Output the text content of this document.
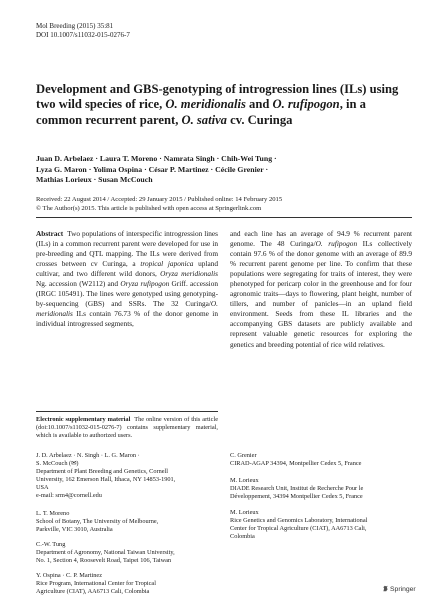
Mol Breeding (2015) 35:81
DOI 10.1007/s11032-015-0276-7
Development and GBS-genotyping of introgression lines (ILs) using two wild species of rice, O. meridionalis and O. rufipogon, in a common recurrent parent, O. sativa cv. Curinga
Juan D. Arbelaez · Laura T. Moreno · Namrata Singh · Chih-Wei Tung ·
Lyza G. Maron · Yolima Ospina · César P. Martinez · Cécile Grenier ·
Mathias Lorieux · Susan McCouch
Received: 22 August 2014 / Accepted: 29 January 2015 / Published online: 14 February 2015
© The Author(s) 2015. This article is published with open access at Springerlink.com

Abstract Two populations of interspecific introgression lines (ILs) in a common recurrent parent were developed for use in pre-breeding and QTL mapping. The ILs were derived from crosses between cv Curinga, a tropical japonica upland cultivar, and two different wild donors, Oryza meridionalis Ng. accession (W2112) and Oryza rufipogon Griff. accession (IRGC 105491). The lines were genotyped using genotyping-by-sequencing (GBS) and SSRs. The 32 Curinga/O. meridionalis ILs contain 76.73 % of the donor genome in individual introgressed segments,

and each line has an average of 94.9 % recurrent parent genome. The 48 Curinga/O. rufipogon ILs collectively contain 97.6 % of the donor genome with an average of 89.9 % recurrent parent genome per line. To confirm that these populations were segregating for traits of interest, they were phenotyped for pericarp color in the greenhouse and for four agronomic traits—days to flowering, plant height, number of tillers, and number of panicles—in an upland field environment. Seeds from these IL libraries and the accompanying GBS datasets are publicly available and represent valuable genetic resources for exploring the genetics and breeding potential of rice wild relatives.

Electronic supplementary material The online version of this article (doi:10.1007/s11032-015-0276-7) contains supplementary material, which is available to authorized users.

J. D. Arbelaez · N. Singh · L. G. Maron ·

S. McCouch (✉)

Department of Plant Breeding and Genetics, Cornell

University, 162 Emerson Hall, Ithaca, NY 14853-1901,

USA

e-mail: srm4@cornell.edu

L. T. Moreno

School of Botany, The University of Melbourne,

Parkville, VIC 3010, Australia

C.-W. Tung

Department of Agronomy, National Taiwan University,

No. 1, Section 4, Roosevelt Road, Taipei 106, Taiwan

Y. Ospina · C. P. Martinez

Rice Program, International Center for Tropical

Agriculture (CIAT), AA6713 Cali, Colombia

C. Grenier

CIRAD-AGAP 34394, Montpellier Cedex 5, France

M. Lorieux

DIADE Research Unit, Institut de Recherche Pour le

Développement, 34394 Montpellier Cedex 5, France

M. Lorieux

Rice Genetics and Genomics Laboratory, International

Center for Tropical Agriculture (CIAT), AA6713 Cali,

Colombia

Springer
